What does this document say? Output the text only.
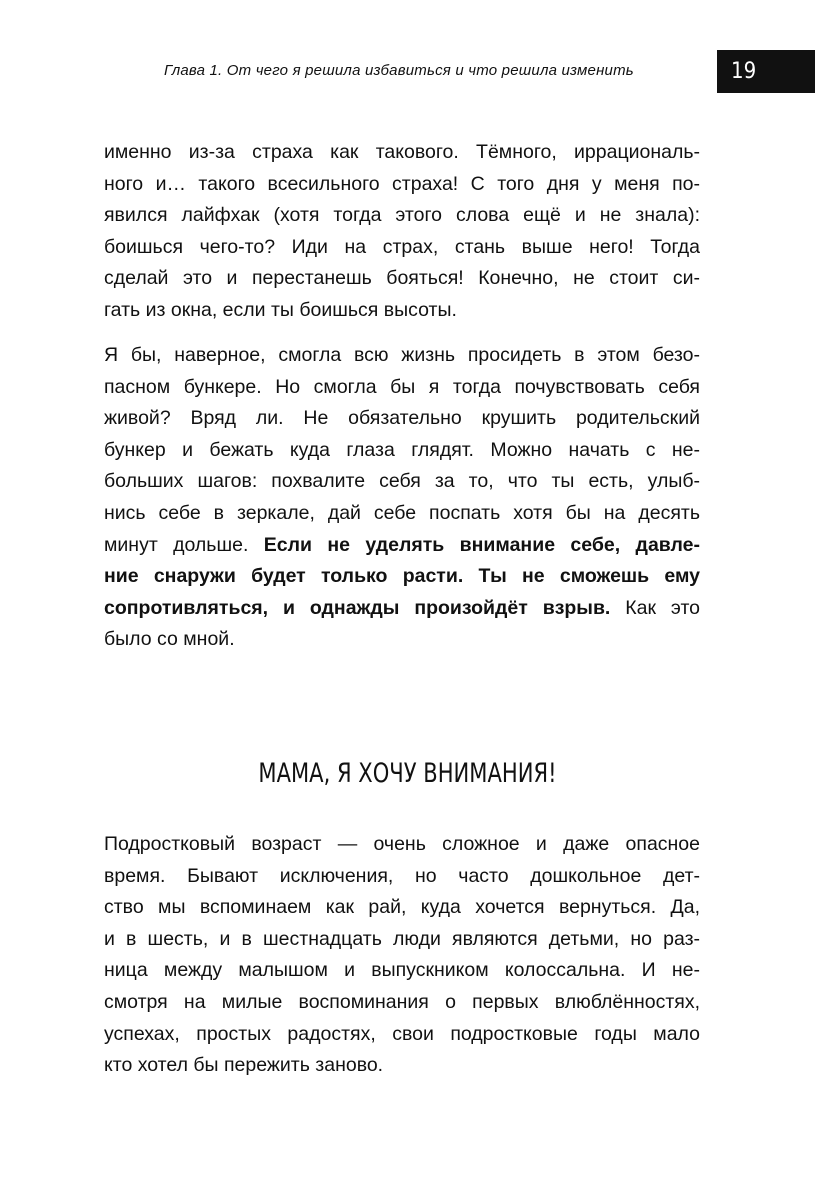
Глава 1. От чего я решила избавиться и что решила изменить	19
именно из-за страха как такового. Тёмного, иррациональ-
ного и… такого всесильного страха! С того дня у меня по-
явился лайфхак (хотя тогда этого слова ещё и не знала):
боишься чего-то? Иди на страх, стань выше него! Тогда
сделай это и перестанешь бояться! Конечно, не стоит си-
гать из окна, если ты боишься высоты.
Я бы, наверное, смогла всю жизнь просидеть в этом безо-
пасном бункере. Но смогла бы я тогда почувствовать себя
живой? Вряд ли. Не обязательно крушить родительский
бункер и бежать куда глаза глядят. Можно начать с не-
больших шагов: похвалите себя за то, что ты есть, улыб-
нись себе в зеркале, дай себе поспать хотя бы на десять
минут дольше. Если не уделять внимание себе, давле-
ние снаружи будет только расти. Ты не сможешь ему
сопротивляться, и однажды произойдёт взрыв. Как это
было со мной.
МАМА, Я ХОЧУ ВНИМАНИЯ!
Подростковый возраст — очень сложное и даже опасное
время. Бывают исключения, но часто дошкольное дет-
ство мы вспоминаем как рай, куда хочется вернуться. Да,
и в шесть, и в шестнадцать люди являются детьми, но раз-
ница между малышом и выпускником колоссальна. И не-
смотря на милые воспоминания о первых влюблённостях,
успехах, простых радостях, свои подростковые годы мало
кто хотел бы пережить заново.
